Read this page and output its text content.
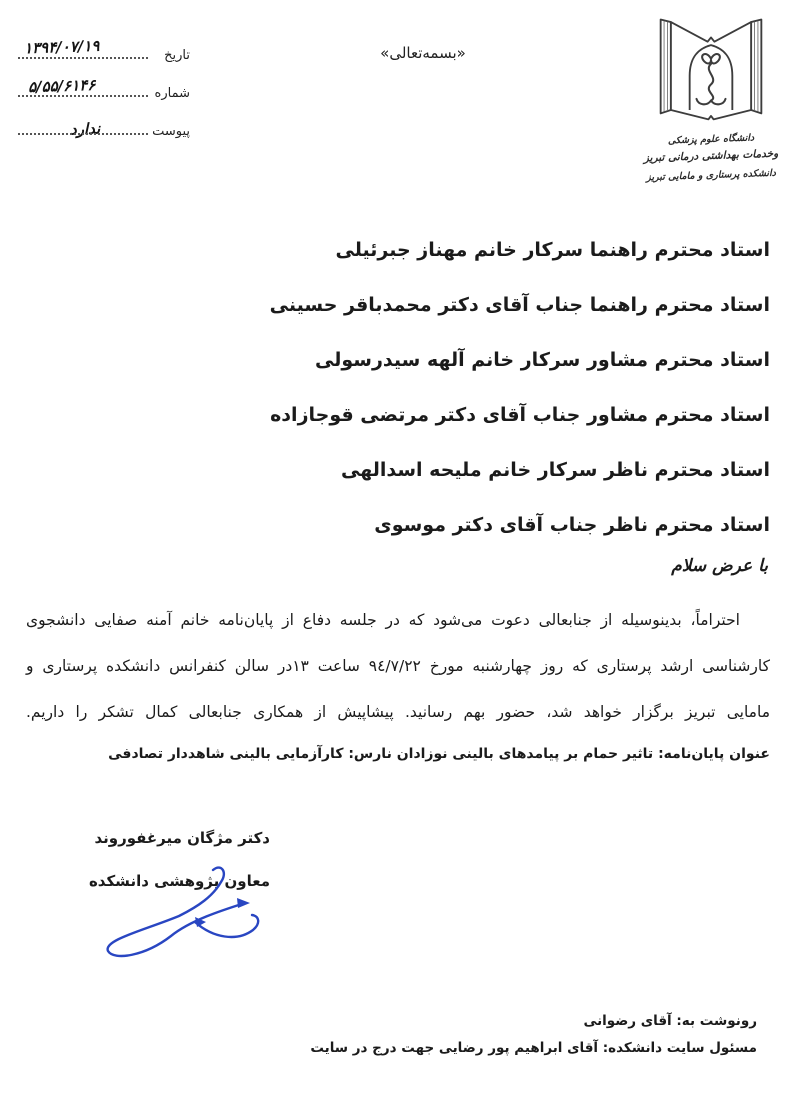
۱۳۹۴/۰۷/۱۹	تاریخ
۵/۵۵/۶۱۴۶	شماره
ندارد	پیوست
«بسمه‌تعالی»
دانشگاه علوم پزشکی
وخدمات بهداشتی درمانی تبریز
دانشکده پرستاری و مامایی تبریز
استاد محترم راهنما سرکار خانم مهناز جبرئیلی
استاد محترم راهنما جناب آقای دکتر محمدباقر حسینی
استاد محترم مشاور سرکار خانم آلهه سیدرسولی
استاد محترم مشاور جناب آقای دکتر مرتضی قوجازاده
استاد محترم ناظر سرکار خانم ملیحه اسدالهی
استاد محترم ناظر جناب آقای دکتر موسوی
با عرض سلام
احتراماً، بدینوسیله از جنابعالی دعوت می‌شود که در جلسه دفاع از پایان‌نامه خانم آمنه صفایی دانشجوی
کارشناسی ارشد پرستاری که روز چهارشنبه مورخ ٩٤/٧/٢٢ ساعت ۱۳در سالن کنفرانس دانشکده پرستاری و
مامایی تبریز برگزار خواهد شد، حضور بهم رسانید. پیشاپیش از همکاری جنابعالی کمال تشکر را داریم.
عنوان پایان‌نامه: تاثیر حمام بر پیامدهای بالینی نوزادان نارس: کارآزمایی بالینی شاهددار تصادفی
دکتر مژگان میرغفوروند
معاون پژوهشی دانشکده
رونوشت به: آقای رضوانی
مسئول سایت دانشکده: آقای ابراهیم پور رضایی جهت درج در سایت
